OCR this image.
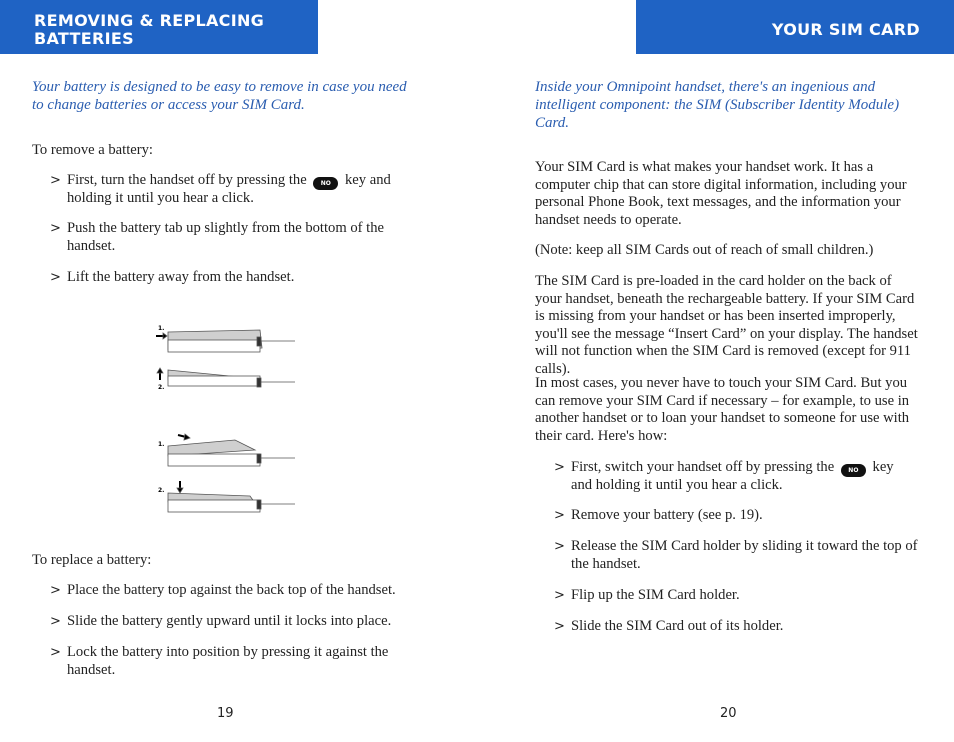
REMOVING & REPLACING
BATTERIES
Your battery is designed to be easy to remove in case you need to change batteries or access your SIM Card.
To remove a battery:
> First, turn the handset off by pressing the NO key and holding it until you hear a click.
> Push the battery tab up slightly from the bottom of the handset.
> Lift the battery away from the handset.
1.
2.
1.
2.
To replace a battery:
> Place the battery top against the back top of the handset.
> Slide the battery gently upward until it locks into place.
> Lock the battery into position by pressing it against the handset.
19
YOUR SIM CARD
Inside your Omnipoint handset, there's an ingenious and intelligent component: the SIM (Subscriber Identity Module) Card.
Your SIM Card is what makes your handset work. It has a computer chip that can store digital information, including your personal Phone Book, text messages, and the information your handset needs to operate.
(Note: keep all SIM Cards out of reach of small children.)
The SIM Card is pre-loaded in the card holder on the back of your handset, beneath the rechargeable battery. If your SIM Card is missing from your handset or has been inserted improperly, you'll see the message “Insert Card” on your display. The handset will not function when the SIM Card is removed (except for 911 calls).
In most cases, you never have to touch your SIM Card. But you can remove your SIM Card if necessary – for example, to use in another handset or to loan your handset to someone for use with their card. Here's how:
> First, switch your handset off by pressing the NO key and holding it until you hear a click.
> Remove your battery (see p. 19).
> Release the SIM Card holder by sliding it toward the top of the handset.
> Flip up the SIM Card holder.
> Slide the SIM Card out of its holder.
20
